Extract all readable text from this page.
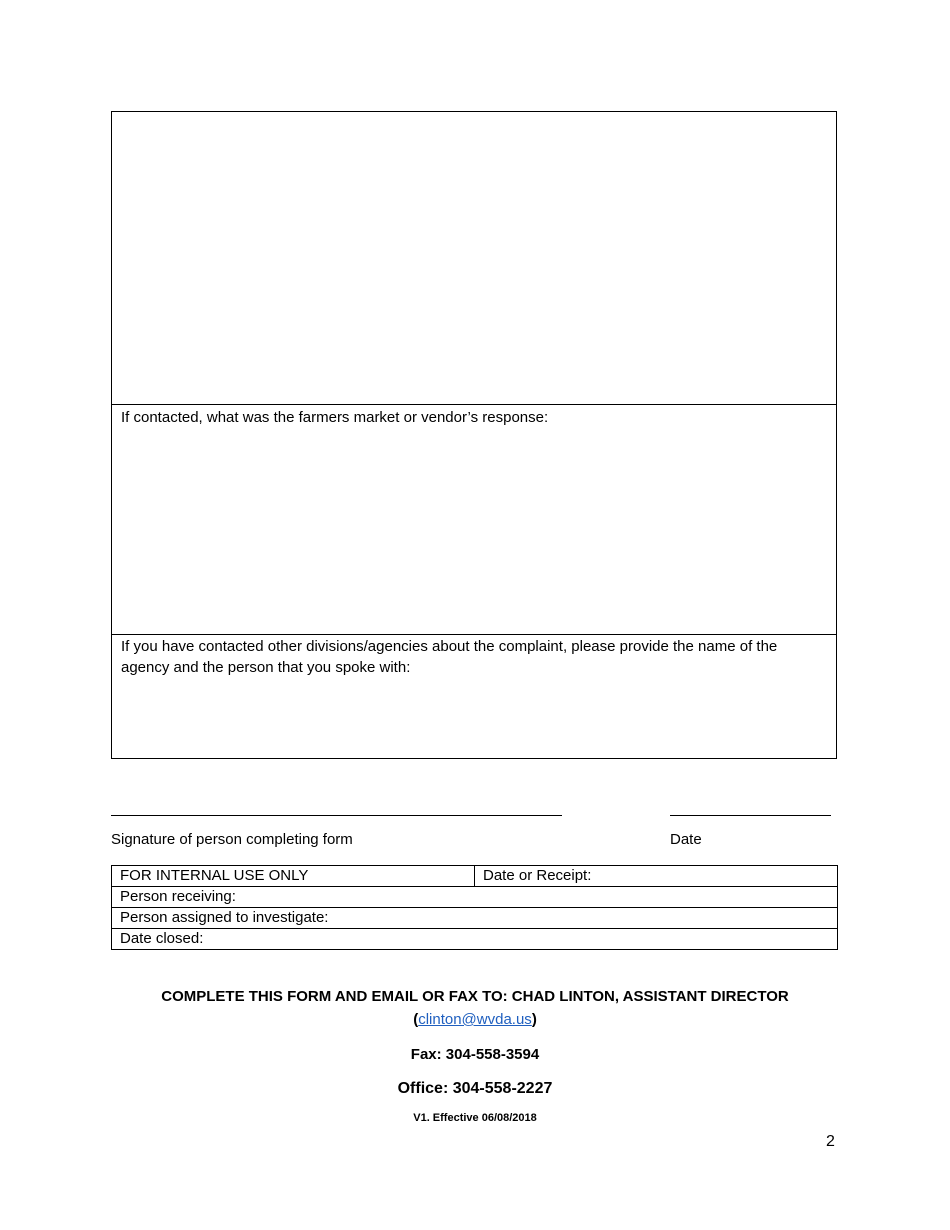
If contacted, what was the farmers market or vendor’s response:
If you have contacted other divisions/agencies about the complaint, please provide the name of the agency and the person that you spoke with:
Signature of person completing form	Date
FOR INTERNAL USE ONLY	Date or Receipt:
Person receiving:
Person assigned to investigate:
Date closed:
COMPLETE THIS FORM AND EMAIL OR FAX TO: CHAD LINTON, ASSISTANT DIRECTOR
(clinton@wvda.us)
Fax: 304-558-3594
Office: 304-558-2227
V1. Effective 06/08/2018
2
